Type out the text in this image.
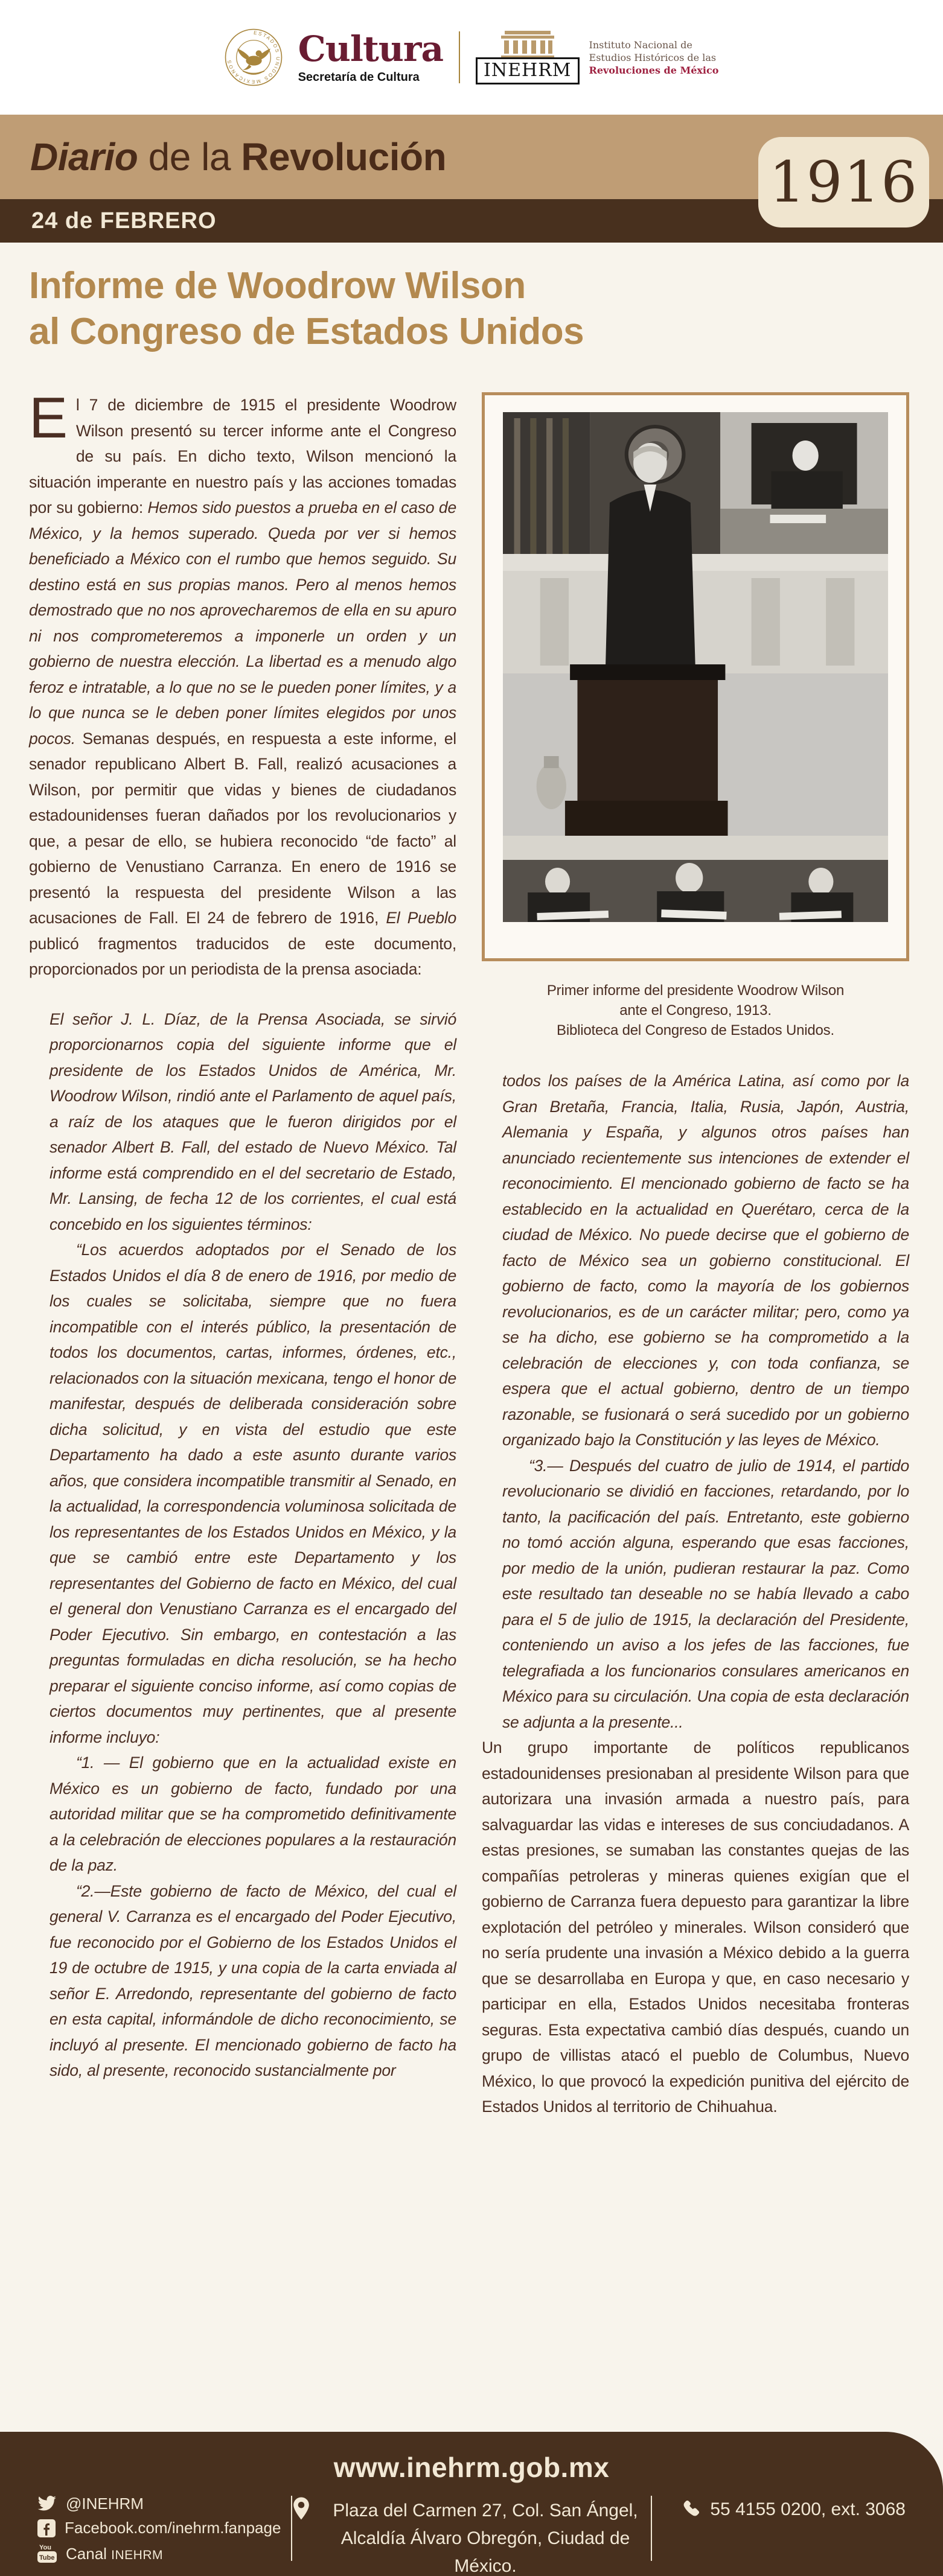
ESTADOS UNIDOS MEXICANOS	Cultura
Secretaría de Cultura	INEHRM
Instituto Nacional de
Estudios Históricos de las
Revoluciones de México
Diario de la Revolución	1916
24 de FEBRERO
Informe de Woodrow Wilson
al Congreso de Estados Unidos

El 7 de diciembre de 1915 el presidente Woodrow Wilson presentó su tercer informe ante el Congreso de su país. En dicho texto, Wilson mencionó la situación imperante en nuestro país y las acciones tomadas por su gobierno: Hemos sido puestos a prueba en el caso de México, y la hemos superado. Queda por ver si hemos beneficiado a México con el rumbo que hemos seguido. Su destino está en sus propias manos. Pero al menos hemos demostrado que no nos aprovecharemos de ella en su apuro ni nos comprometeremos a imponerle un orden y un gobierno de nuestra elección. La libertad es a menudo algo feroz e intratable, a lo que no se le pueden poner límites, y a lo que nunca se le deben poner límites elegidos por unos pocos. Semanas después, en respuesta a este informe, el senador republicano Albert B. Fall, realizó acusaciones a Wilson, por permitir que vidas y bienes de ciudadanos estadounidenses fueran dañados por los revolucionarios y que, a pesar de ello, se hubiera reconocido “de facto” al gobierno de Venustiano Carranza. En enero de 1916 se presentó la respuesta del presidente Wilson a las acusaciones de Fall. El 24 de febrero de 1916, El Pueblo publicó fragmentos traducidos de este documento, proporcionados por un periodista de la prensa asociada:

El señor J. L. Díaz, de la Prensa Asociada, se sirvió proporcionarnos copia del siguiente informe que el presidente de los Estados Unidos de América, Mr. Woodrow Wilson, rindió ante el Parlamento de aquel país, a raíz de los ataques que le fueron dirigidos por el senador Albert B. Fall, del estado de Nuevo México. Tal informe está comprendido en el del secretario de Estado, Mr. Lansing, de fecha 12 de los corrientes, el cual está concebido en los siguientes términos:

“Los acuerdos adoptados por el Senado de los Estados Unidos el día 8 de enero de 1916, por medio de los cuales se solicitaba, siempre que no fuera incompatible con el interés público, la presentación de todos los documentos, cartas, informes, órdenes, etc., relacionados con la situación mexicana, tengo el honor de manifestar, después de deliberada consideración sobre dicha solicitud, y en vista del estudio que este Departamento ha dado a este asunto durante varios años, que considera incompatible transmitir al Senado, en la actualidad, la correspondencia voluminosa solicitada de los representantes de los Estados Unidos en México, y la que se cambió entre este Departamento y los representantes del Gobierno de facto en México, del cual el general don Venustiano Carranza es el encargado del Poder Ejecutivo. Sin embargo, en contestación a las preguntas formuladas en dicha resolución, se ha hecho preparar el siguiente conciso informe, así como copias de ciertos documentos muy pertinentes, que al presente informe incluyo:

“1. — El gobierno que en la actualidad existe en México es un gobierno de facto, fundado por una autoridad militar que se ha comprometido definitivamente a la celebración de elecciones populares a la restauración de la paz.

“2.—Este gobierno de facto de México, del cual el general V. Carranza es el encargado del Poder Ejecutivo, fue reconocido por el Gobierno de los Estados Unidos el 19 de octubre de 1915, y una copia de la carta enviada al señor E. Arredondo, representante del gobierno de facto en esta capital, informándole de dicho reconocimiento, se incluyó al presente. El mencionado gobierno de facto ha sido, al presente, reconocido sustancialmente por

Primer informe del presidente Woodrow Wilson
ante el Congreso, 1913.
Biblioteca del Congreso de Estados Unidos.

todos los países de la América Latina, así como por la Gran Bretaña, Francia, Italia, Rusia, Japón, Austria, Alemania y España, y algunos otros países han anunciado recientemente sus intenciones de extender el reconocimiento. El mencionado gobierno de facto se ha establecido en la actualidad en Querétaro, cerca de la ciudad de México. No puede decirse que el gobierno de facto de México sea un gobierno constitucional. El gobierno de facto, como la mayoría de los gobiernos revolucionarios, es de un carácter militar; pero, como ya se ha dicho, ese gobierno se ha comprometido a la celebración de elecciones y, con toda confianza, se espera que el actual gobierno, dentro de un tiempo razonable, se fusionará o será sucedido por un gobierno organizado bajo la Constitución y las leyes de México.

“3.— Después del cuatro de julio de 1914, el partido revolucionario se dividió en facciones, retardando, por lo tanto, la pacificación del país. Entretanto, este gobierno no tomó acción alguna, esperando que esas facciones, por medio de la unión, pudieran restaurar la paz. Como este resultado tan deseable no se había llevado a cabo para el 5 de julio de 1915, la declaración del Presidente, conteniendo un aviso a los jefes de las facciones, fue telegrafiada a los funcionarios consulares americanos en México para su circulación. Una copia de esta declaración se adjunta a la presente...

Un grupo importante de políticos republicanos estadounidenses presionaban al presidente Wilson para que autorizara una invasión armada a nuestro país, para salvaguardar las vidas e intereses de sus conciudadanos. A estas presiones, se sumaban las constantes quejas de las compañías petroleras y mineras quienes exigían que el gobierno de Carranza fuera depuesto para garantizar la libre explotación del petróleo y minerales. Wilson consideró que no sería prudente una invasión a México debido a la guerra que se desarrollaba en Europa y que, en caso necesario y participar en ella, Estados Unidos necesitaba fronteras seguras. Esta expectativa cambió días después, cuando un grupo de villistas atacó el pueblo de Columbus, Nuevo México, lo que provocó la expedición punitiva del ejército de Estados Unidos al territorio de Chihuahua.

www.inehrm.gob.mx
@INEHRM
Facebook.com/inehrm.fanpage
You
Tube Canal INEHRM
Plaza del Carmen 27, Col. San Ángel,
Alcaldía Álvaro Obregón, Ciudad de México.
55 4155 0200, ext. 3068
